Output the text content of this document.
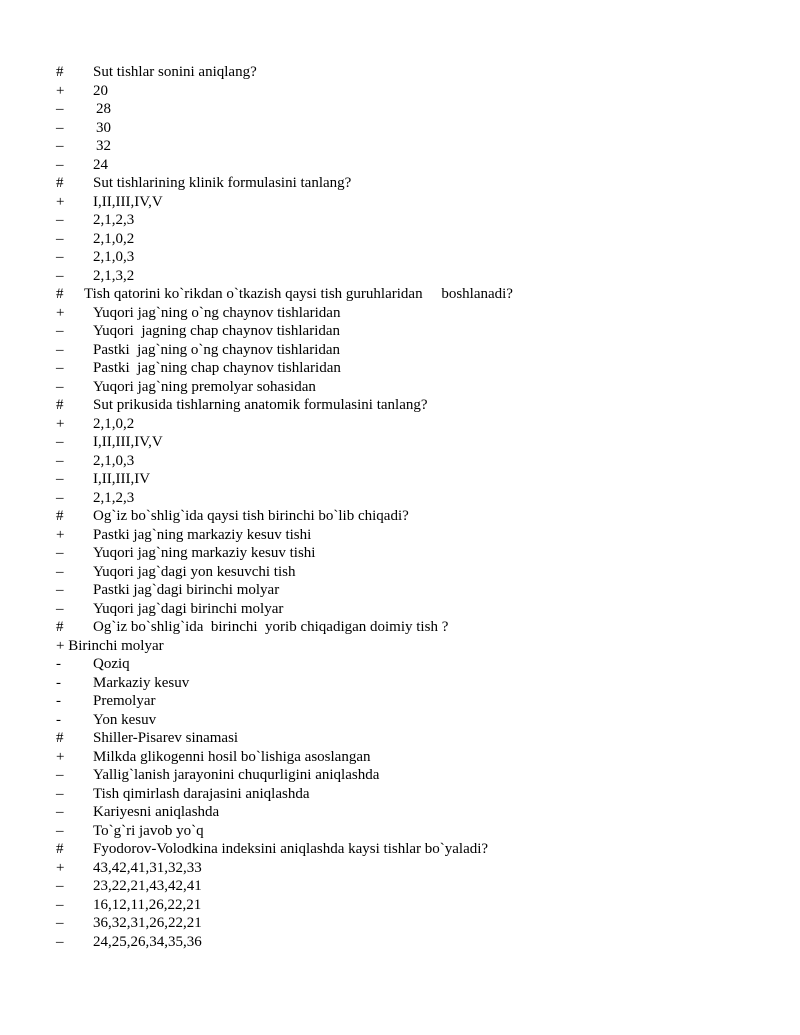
# Sut tishlar sonini aniqlang?
+ 20
– 28
– 30
– 32
– 24
# Sut tishlarining klinik formulasini tanlang?
+ I,II,III,IV,V
– 2,1,2,3
– 2,1,0,2
– 2,1,0,3
– 2,1,3,2
# Tish qatorini ko`rikdan o`tkazish qaysi tish guruhlaridan     boshlanadi?
+ Yuqori jag`ning o`ng chaynov tishlaridan
– Yuqori  jagning chap chaynov tishlaridan
– Pastki  jag`ning o`ng chaynov tishlaridan
– Pastki  jag`ning chap chaynov tishlaridan
– Yuqori jag`ning premolyar sohasidan
# Sut prikusida tishlarning anatomik formulasini tanlang?
+ 2,1,0,2
– I,II,III,IV,V
– 2,1,0,3
– I,II,III,IV
– 2,1,2,3
# Og`iz bo`shlig`ida qaysi tish birinchi bo`lib chiqadi?
+ Pastki jag`ning markaziy kesuv tishi
– Yuqori jag`ning markaziy kesuv tishi
– Yuqori jag`dagi yon kesuvchi tish
– Pastki jag`dagi birinchi molyar
– Yuqori jag`dagi birinchi molyar
# Og`iz bo`shlig`ida  birinchi  yorib chiqadigan doimiy tish ?
+ Birinchi molyar
- Qoziq
- Markaziy kesuv
- Premolyar
- Yon kesuv
# Shiller-Pisarev sinamasi
+ Milkda glikogenni hosil bo`lishiga asoslangan
– Yallig`lanish jarayonini chuqurligini aniqlashda
– Tish qimirlash darajasini aniqlashda
– Kariyesni aniqlashda
– To`g`ri javob yo`q
# Fyodorov-Volodkina indeksini aniqlashda kaysi tishlar bo`yaladi?
+ 43,42,41,31,32,33
– 23,22,21,43,42,41
– 16,12,11,26,22,21
– 36,32,31,26,22,21
– 24,25,26,34,35,36
